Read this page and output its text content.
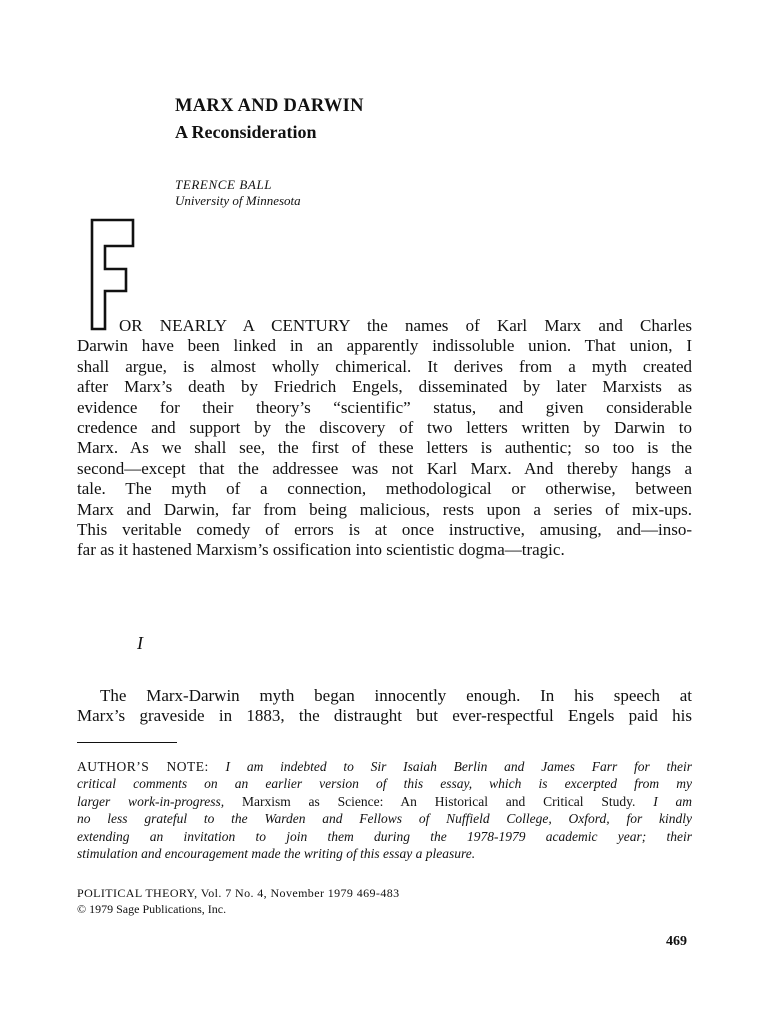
MARX AND DARWIN
A Reconsideration
TERENCE BALL
University of Minnesota

OR NEARLY A CENTURY the names of Karl Marx and Charles

Darwin have been linked in an apparently indissoluble union. That union, I

shall argue, is almost wholly chimerical. It derives from a myth created

after Marx’s death by Friedrich Engels, disseminated by later Marxists as

evidence for their theory’s “scientific” status, and given considerable

credence and support by the discovery of two letters written by Darwin to

Marx. As we shall see, the first of these letters is authentic; so too is the

second—except that the addressee was not Karl Marx. And thereby hangs a

tale. The myth of a connection, methodological or otherwise, between

Marx and Darwin, far from being malicious, rests upon a series of mix-ups.

This veritable comedy of errors is at once instructive, amusing, and—inso-

far as it hastened Marxism’s ossification into scientistic dogma—tragic.

I

The Marx-Darwin myth began innocently enough. In his speech at

Marx’s graveside in 1883, the distraught but ever-respectful Engels paid his

AUTHOR’S NOTE: I am indebted to Sir Isaiah Berlin and James Farr for their
critical comments on an earlier version of this essay, which is excerpted from my
larger work-in-progress, Marxism as Science: An Historical and Critical Study. I am
no less grateful to the Warden and Fellows of Nuffield College, Oxford, for kindly
extending an invitation to join them during the 1978-1979 academic year; their
stimulation and encouragement made the writing of this essay a pleasure.
POLITICAL THEORY, Vol. 7 No. 4, November 1979 469-483
© 1979 Sage Publications, Inc.
469
